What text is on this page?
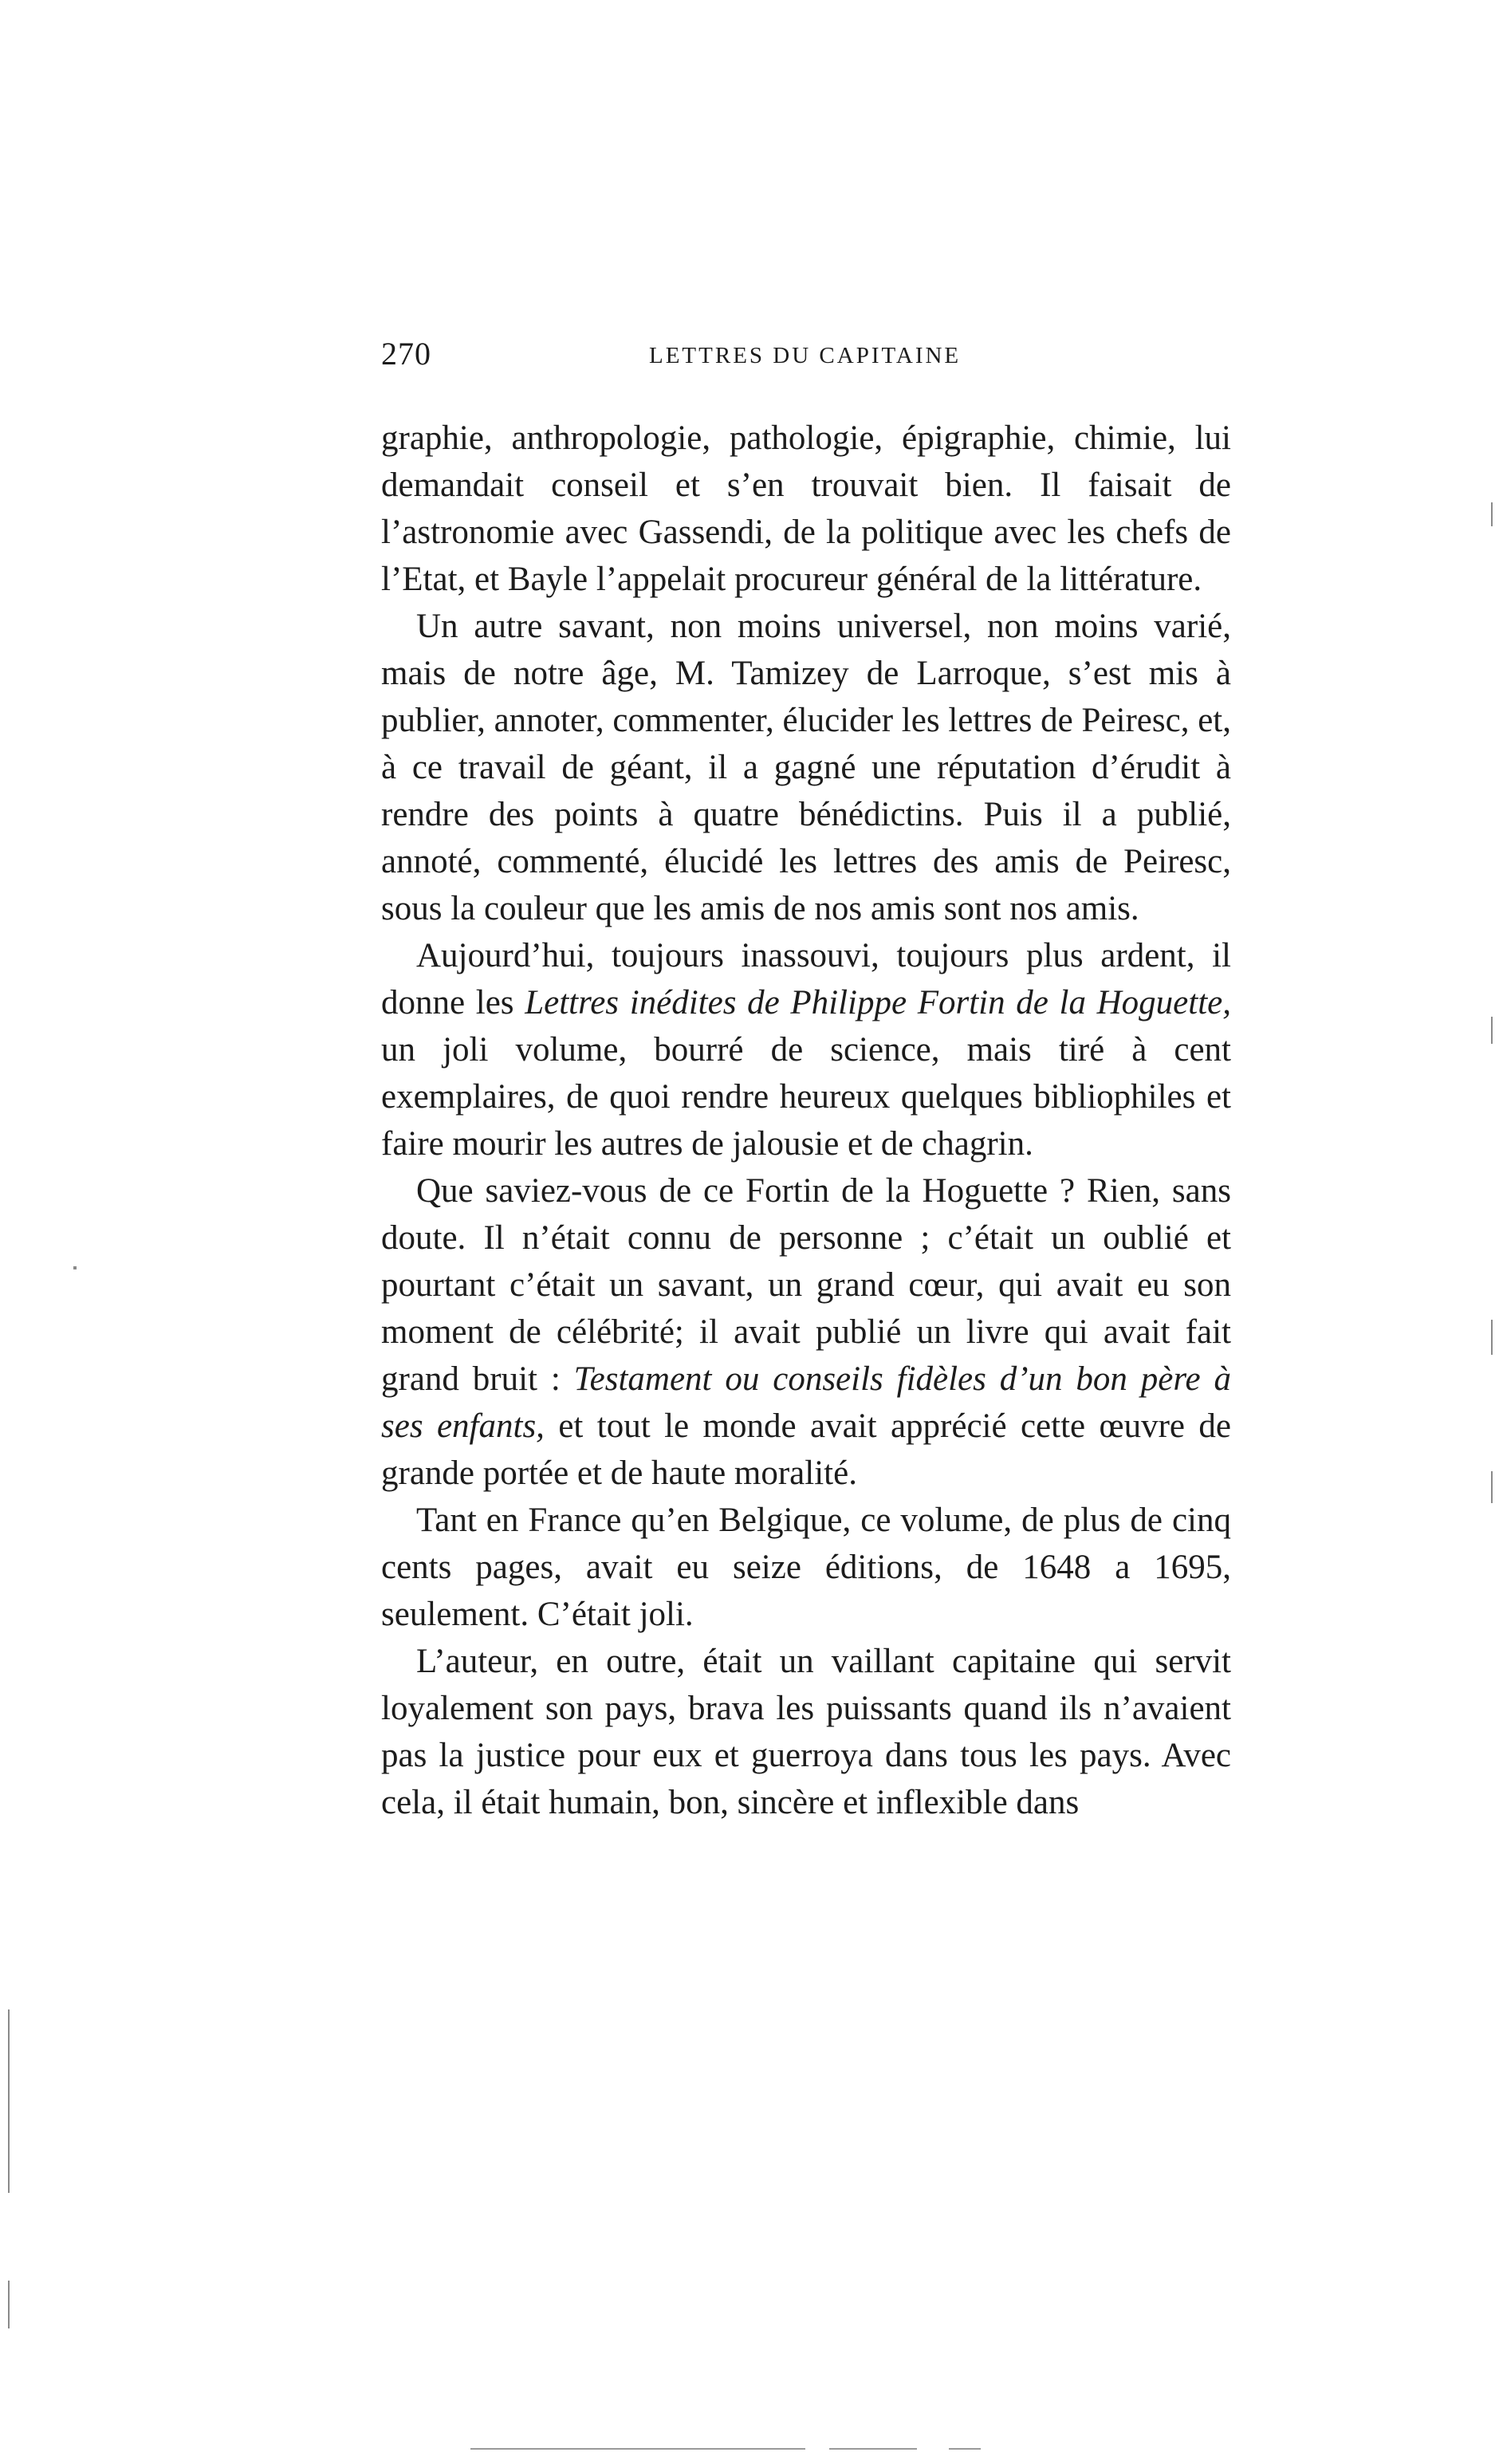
270	LETTRES DU CAPITAINE

graphie, anthropologie, pathologie, épigraphie, chimie, lui demandait conseil et s’en trouvait bien. Il faisait de l’astronomie avec Gassendi, de la politique avec les chefs de l’Etat, et Bayle l’appelait procureur général de la littérature.

Un autre savant, non moins universel, non moins varié, mais de notre âge, M. Tamizey de Larroque, s’est mis à publier, annoter, commenter, élucider les lettres de Peiresc, et, à ce travail de géant, il a gagné une réputation d’érudit à rendre des points à quatre bénédictins. Puis il a publié, annoté, commenté, élucidé les lettres des amis de Peiresc, sous la couleur que les amis de nos amis sont nos amis.

Aujourd’hui, toujours inassouvi, toujours plus ardent, il donne les Lettres inédites de Philippe Fortin de la Hoguette, un joli volume, bourré de science, mais tiré à cent exemplaires, de quoi rendre heureux quelques bibliophiles et faire mourir les autres de jalousie et de chagrin.

Que saviez-vous de ce Fortin de la Hoguette ? Rien, sans doute. Il n’était connu de personne ; c’était un oublié et pourtant c’était un savant, un grand cœur, qui avait eu son moment de célébrité; il avait publié un livre qui avait fait grand bruit : Testament ou conseils fidèles d’un bon père à ses enfants, et tout le monde avait apprécié cette œuvre de grande portée et de haute moralité.

Tant en France qu’en Belgique, ce volume, de plus de cinq cents pages, avait eu seize éditions, de 1648 a 1695, seulement. C’était joli.

L’auteur, en outre, était un vaillant capitaine qui servit loyalement son pays, brava les puissants quand ils n’avaient pas la justice pour eux et guerroya dans tous les pays. Avec cela, il était humain, bon, sincère et inflexible dans
